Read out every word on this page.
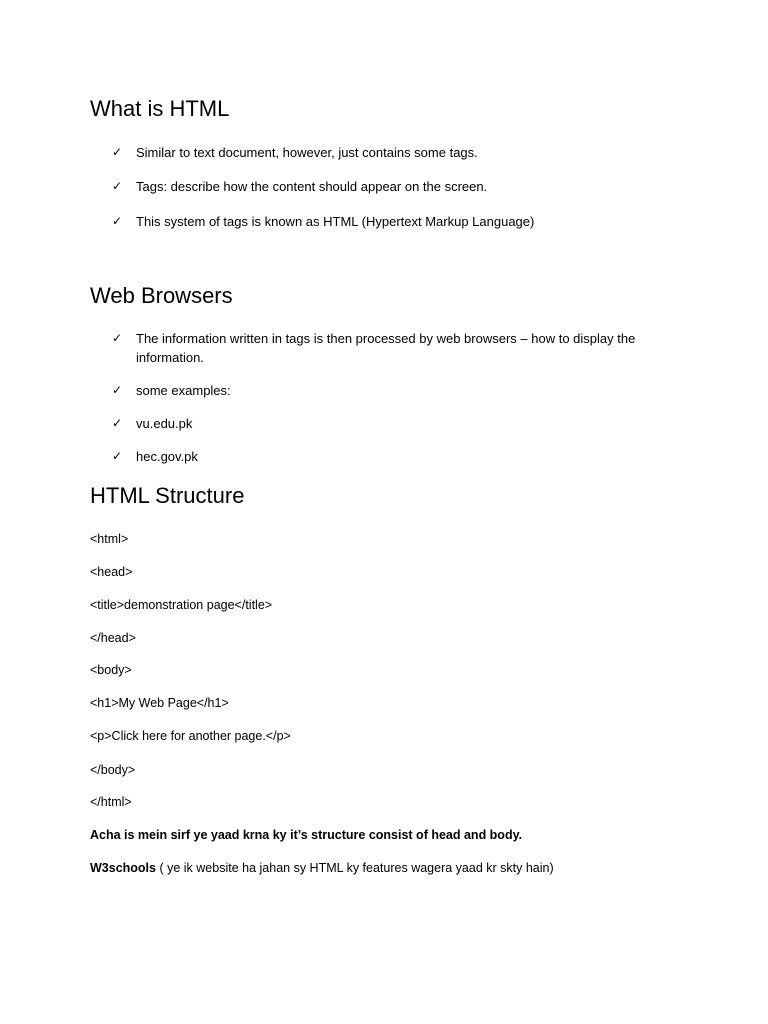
What is HTML
✓	Similar to text document, however, just contains some tags.
✓	Tags: describe how the content should appear on the screen.
✓	This system of tags is known as HTML (Hypertext Markup Language)
Web Browsers
✓	The information written in tags is then processed by web browsers – how to display the information.
✓	some examples:
✓	vu.edu.pk
✓	hec.gov.pk
HTML Structure
<html>
<head>
<title>demonstration page</title>
</head>
<body>
<h1>My Web Page</h1>
<p>Click here for another page.</p>
</body>
</html>
Acha is mein sirf ye yaad krna ky it’s structure consist of head and body.
W3schools ( ye ik website ha jahan sy HTML ky features wagera yaad kr skty hain)
